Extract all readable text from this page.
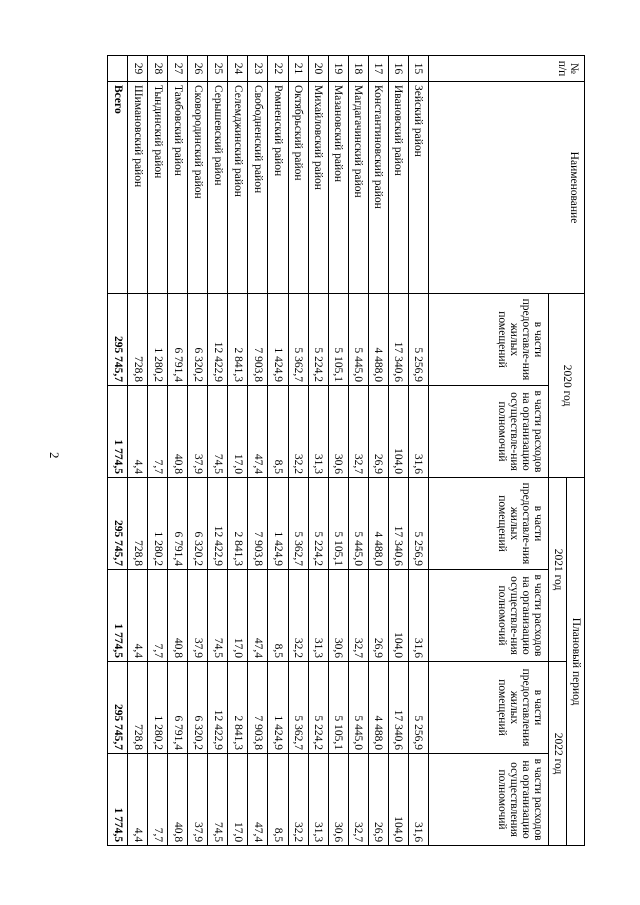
2
№ п/п	Наименование	2020 год		Плановый период			
				2021 год		2022 год	
		в части предоставле-ния жилых помещений	в части расходов на организацию осуществле-ния полномочий	в части предоставле-ния жилых помещений	в части расходов на организацию осуществле-ния полномочий	в части предоставления жилых помещений	в части расходов на организацию осуществления полномочий
15	Зейский район	5 256,9	31,6	5 256,9	31,6	5 256,9	31,6
16	Ивановский район	17 340,6	104,0	17 340,6	104,0	17 340,6	104,0
17	Константиновский район	4 488,0	26,9	4 488,0	26,9	4 488,0	26,9
18	Магдагачинский район	5 445,0	32,7	5 445,0	32,7	5 445,0	32,7
19	Мазановский район	5 105,1	30,6	5 105,1	30,6	5 105,1	30,6
20	Михайловский район	5 224,2	31,3	5 224,2	31,3	5 224,2	31,3
21	Октябрьский район	5 362,7	32,2	5 362,7	32,2	5 362,7	32,2
22	Ромненский район	1 424,9	8,5	1 424,9	8,5	1 424,9	8,5
23	Свободненский район	7 903,8	47,4	7 903,8	47,4	7 903,8	47,4
24	Селемджинский район	2 841,3	17,0	2 841,3	17,0	2 841,3	17,0
25	Серышевский район	12 422,9	74,5	12 422,9	74,5	12 422,9	74,5
26	Сковородинский район	6 320,2	37,9	6 320,2	37,9	6 320,2	37,9
27	Тамбовский район	6 791,4	40,8	6 791,4	40,8	6 791,4	40,8
28	Тындинский район	1 280,2	7,7	1 280,2	7,7	1 280,2	7,7
29	Шимановский район	728,8	4,4	728,8	4,4	728,8	4,4
	Всего	295 745,7	1 774,5	295 745,7	1 774,5	295 745,7	1 774,5
